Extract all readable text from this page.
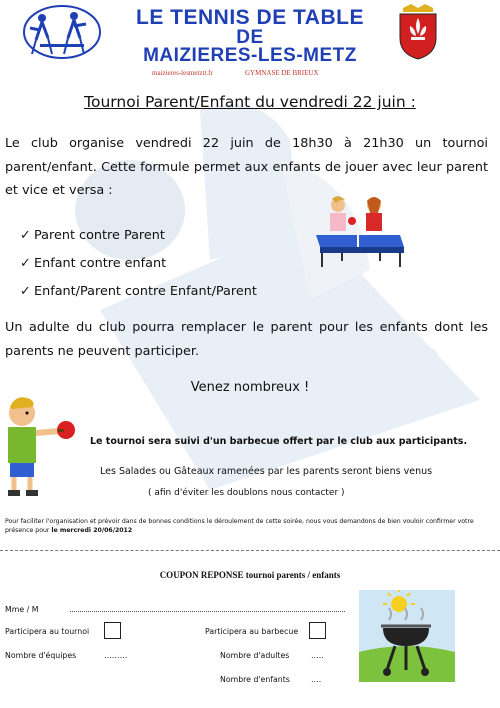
LE TENNIS DE TABLE
DE
MAIZIERES-LES-METZ
maizieres-lesmetztt.fr	GYMNASE DE BRIEUX
Tournoi Parent/Enfant du vendredi 22 juin :
Le club organise vendredi 22 juin de 18h30 à 21h30 un tournoi parent/enfant. Cette formule permet aux enfants de jouer avec leur parent et vice et versa :
✓ Parent contre Parent
✓ Enfant contre enfant
✓ Enfant/Parent contre Enfant/Parent
Un adulte du club pourra remplacer le parent pour les enfants dont les parents ne peuvent participer.
Venez nombreux !
Le tournoi sera suivi d'un barbecue offert par le club aux participants.
Les Salades ou Gâteaux ramenées par les parents seront biens venus
( afin d'éviter les doublons nous contacter )
Pour faciliter l'organisation et prévoir dans de bonnes conditions le déroulement de cette soirée, nous vous demandons de bien vouloir confirmer votre présence pour le mercredi 20/06/2012
COUPON REPONSE tournoi parents / enfants
Mme / M
Participera au tournoi	Participera au barbecue
Nombre d'équipes	………	Nombre d'adultes	…..
Nombre d'enfants	….
